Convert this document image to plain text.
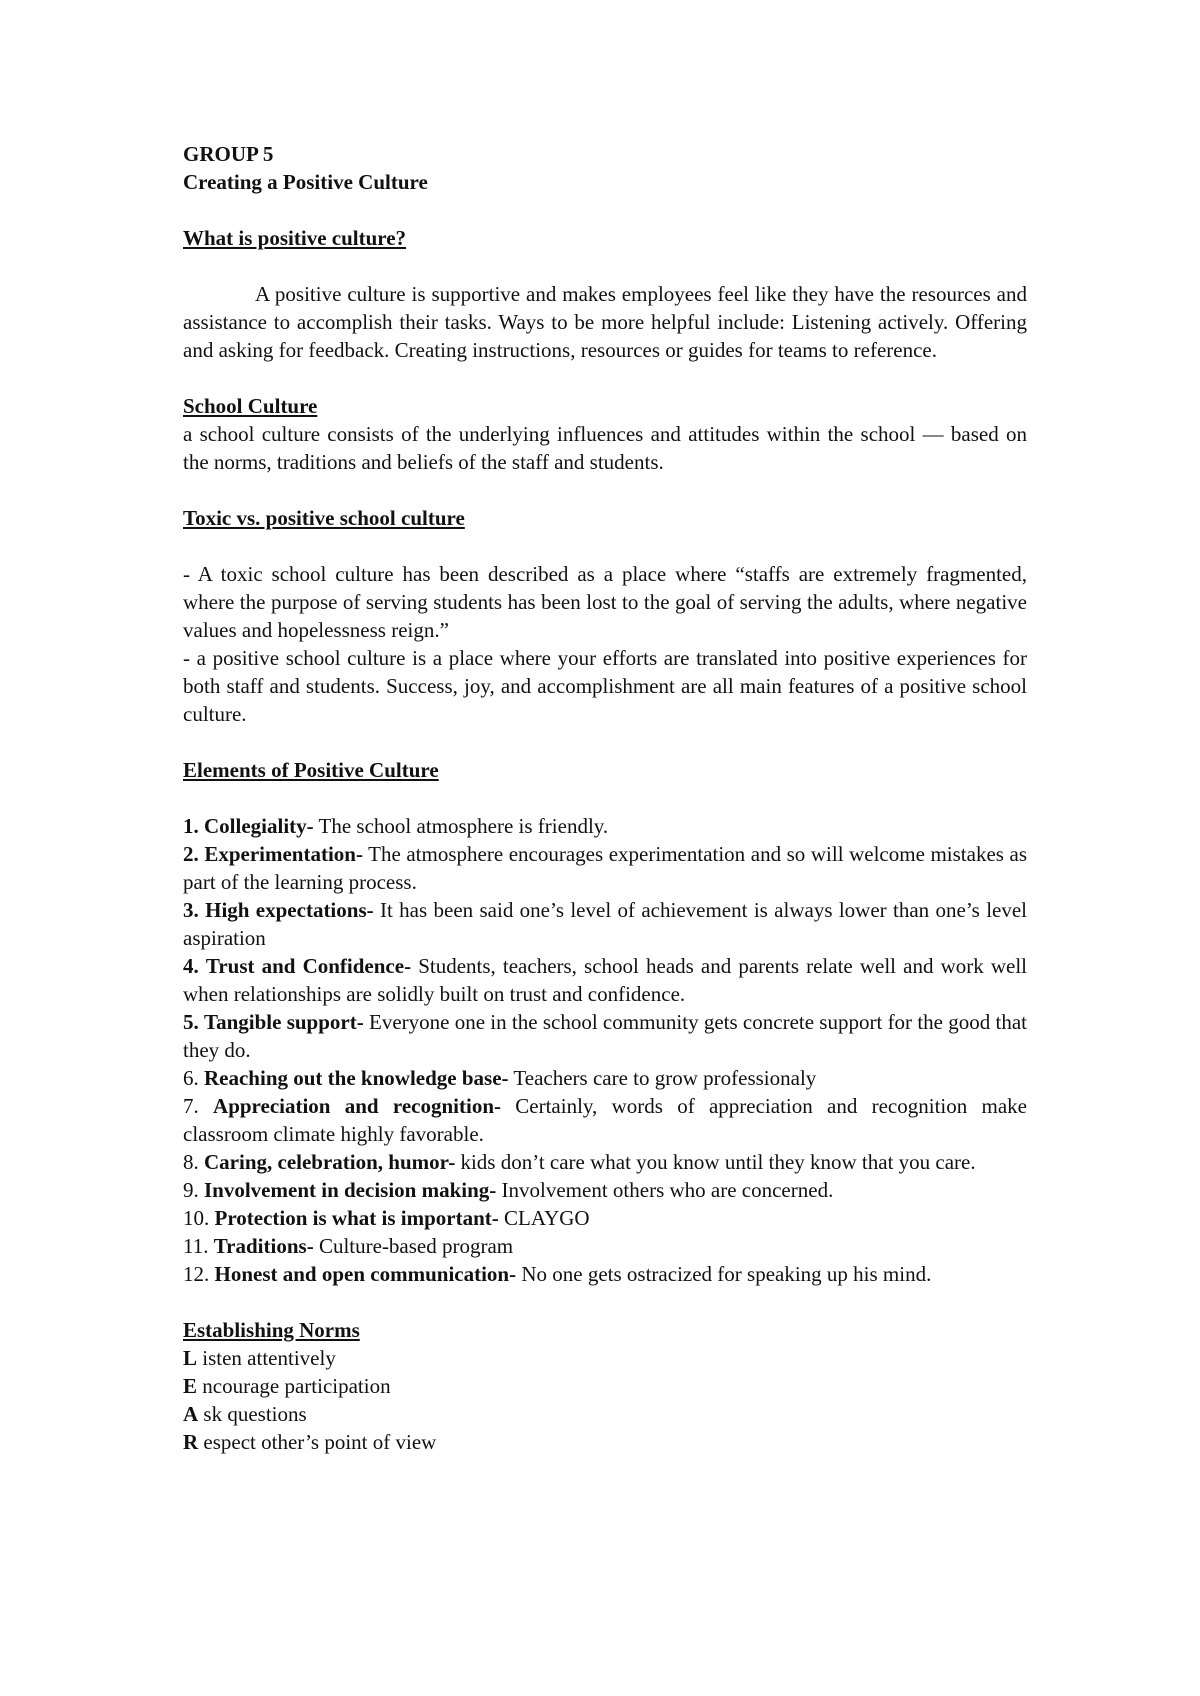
GROUP 5

Creating a Positive Culture

What is positive culture?

A positive culture is supportive and makes employees feel like they have the resources and assistance to accomplish their tasks. Ways to be more helpful include: Listening actively. Offering and asking for feedback. Creating instructions, resources or guides for teams to reference.

School Culture

a school culture consists of the underlying influences and attitudes within the school — based on the norms, traditions and beliefs of the staff and students.

Toxic vs. positive school culture

- A toxic school culture has been described as a place where “staffs are extremely fragmented, where the purpose of serving students has been lost to the goal of serving the adults, where negative values and hopelessness reign.”

- a positive school culture is a place where your efforts are translated into positive experiences for both staff and students. Success, joy, and accomplishment are all main features of a positive school culture.

Elements of Positive Culture

1. Collegiality- The school atmosphere is friendly.

2. Experimentation- The atmosphere encourages experimentation and so will welcome mistakes as part of the learning process.

3. High expectations- It has been said one’s level of achievement is always lower than one’s level aspiration

4. Trust and Confidence- Students, teachers, school heads and parents relate well and work well when relationships are solidly built on trust and confidence.

5. Tangible support- Everyone one in the school community gets concrete support for the good that they do.

6. Reaching out the knowledge base- Teachers care to grow professionaly

7. Appreciation and recognition- Certainly, words of appreciation and recognition make classroom climate highly favorable.

8. Caring, celebration, humor- kids don’t care what you know until they know that you care.

9. Involvement in decision making- Involvement others who are concerned.

10. Protection is what is important- CLAYGO

11. Traditions- Culture-based program

12. Honest and open communication- No one gets ostracized for speaking up his mind.

Establishing Norms

L isten attentively

E ncourage participation

A sk questions

R espect other’s point of view
